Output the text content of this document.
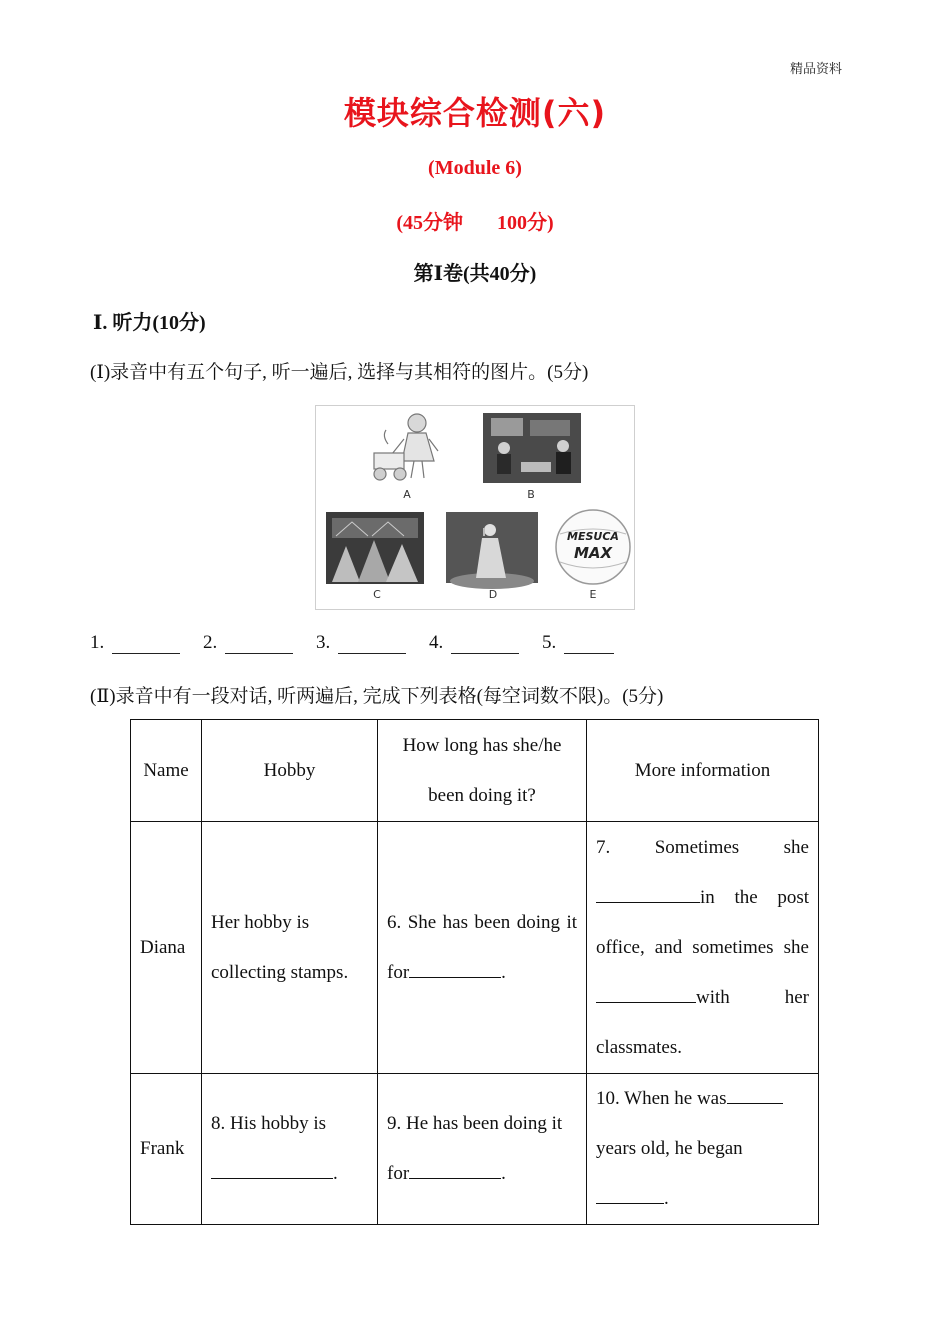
精品资料
模块综合检测(六)
(Module 6)
(45分钟 100分)
第Ⅰ卷(共40分)
Ⅰ. 听力(10分)
(Ⅰ)录音中有五个句子, 听一遍后, 选择与其相符的图片。(5分)
MESUCA
MAX
A	B
C	D	E
1.	2.	3.	4.	5.
(Ⅱ)录音中有一段对话, 听两遍后, 完成下列表格(每空词数不限)。(5分)
Name	Hobby	How long has she/he been doing it?	More information
Diana	Her hobby is collecting stamps.	6. She has been doing it for .	7. Sometimes she in the post office, and sometimes she with her classmates.
Frank	8. His hobby is .	9. He has been doing it for .	10. When he was years old, he began.
